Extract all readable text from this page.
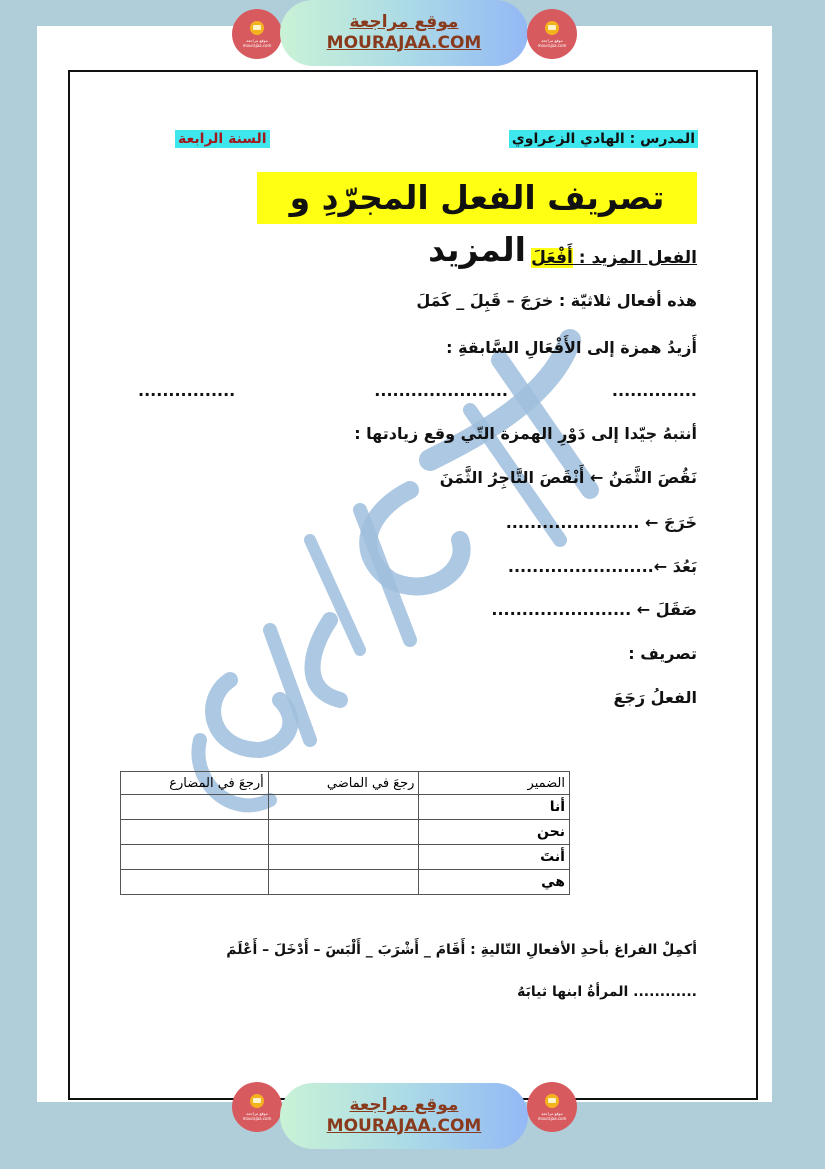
موقع مراجعة
mourajaa.com
موقع مراجعة
MOURAJAA.COM	موقع مراجعة
mourajaa.com
المدرس : الهادي الزعراوي
السنة الرابعة
تصريف الفعل المجرّدِ و المزيد	الفعل المزيد : أَفْعَلَ
هذه أفعال ثلاثيّة : خرَجَ – قَبِلَ _ كَمَلَ
أَزيدُ همزة إلى الأَفْعَالِ السَّابقةِ :
..............
......................
................
أنتبهُ جيّدا إلى دَوْرِ الهمزة التّي وقع زيادتها :
نَقُصَ الثَّمَنُ ← أَنْقَصَ التَّاجِرُ الثَّمَنَ
خَرَجَ ← ......................
بَعُدَ ←........................
صَقَلَ ← .......................
تصريف :
الفعلُ رَجَعَ
الضمير	رجعَ في الماضي	أرجعَ في المضارع
أنا		
نحن		
أنتَ		
هي		
أكمِلْ الفراغ بأحدِ الأفعالِ التّاليةِ : أَقَامَ _ أَشْرَبَ _ أَلْبَسَ – أَدْخَلَ – أَعْلَمَ
............ المرأةُ ابنها ثيابَهُ
موقع مراجعة
mourajaa.com
موقع مراجعة
MOURAJAA.COM
موقع مراجعة
mourajaa.com
